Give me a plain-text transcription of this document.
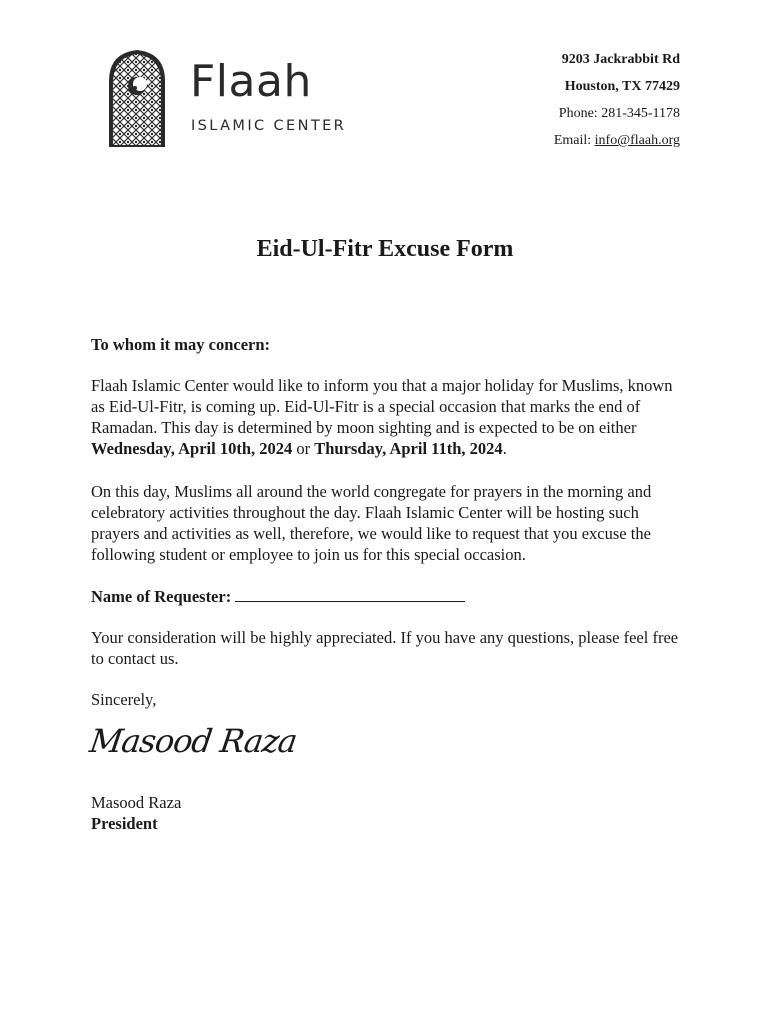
Flaah
ISLAMIC CENTER
9203 Jackrabbit Rd
Houston, TX 77429
Phone: 281-345-1178
Email: info@flaah.org
Eid-Ul-Fitr Excuse Form

To whom it may concern:

Flaah Islamic Center would like to inform you that a major holiday for Muslims, known as Eid-Ul-Fitr, is coming up. Eid-Ul-Fitr is a special occasion that marks the end of Ramadan. This day is determined by moon sighting and is expected to be on either Wednesday, April 10th, 2024 or Thursday, April 11th, 2024.

On this day, Muslims all around the world congregate for prayers in the morning and celebratory activities throughout the day. Flaah Islamic Center will be hosting such prayers and activities as well, therefore, we would like to request that you excuse the following student or employee to join us for this special occasion.

Name of Requester:

Your consideration will be highly appreciated. If you have any questions, please feel free to contact us.

Sincerely,

Masood Raza

Masood Raza
President
